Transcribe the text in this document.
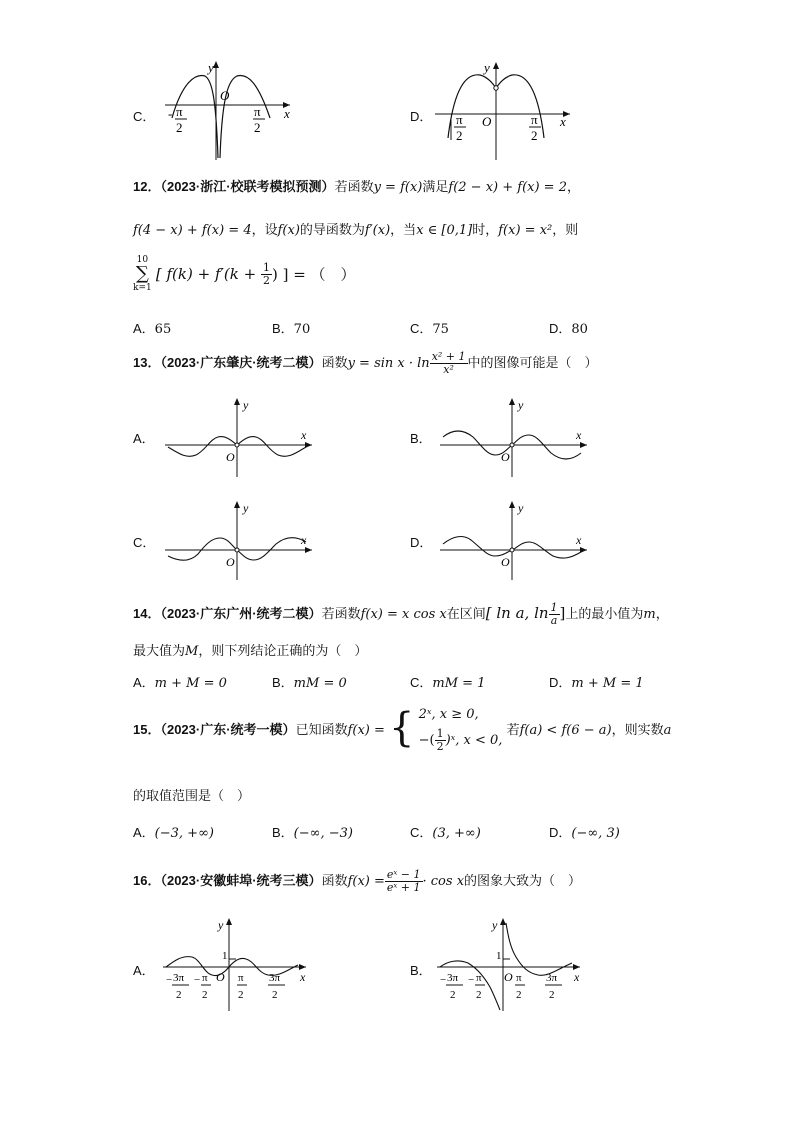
C．
y
x
O
- π
2
π
2
D．
y
x
O
π
2
π
2
12．（2023·浙江·校联考模拟预测）若函数y = f(x)满足f(2 − x) + f(x) = 2，
f(4 − x) + f(x) = 4，设f(x)的导函数为f′(x)，当x ∈ [0,1]时，f(x) = x²，则
10
∑
k=1
[ $f(k) + f'(k + \frac{1}{2}$ ) ] = （　）
A．65	B．70	C．75	D．80
13．（2023·广东肇庆·统考二模）函数$y = \sin x \cdot \ln \frac{\text{x² + 1}}{\text{x²}}$ 中的图像可能是（　）
A．
y
x
O
B．
y
x
O
C．
y
x
O
D．
y
x
O
14．（2023·广东广州·统考二模）若函数f(x) = x cos x在区间[ ln a, $\ln \frac{1}{a}$ ]上的最小值为m，
最大值为M，则下列结论正确的为（　）
A．m + M = 0	B．mM = 0	C．mM = 1	D．m + M = 1
15．（2023·广东·统考一模）已知函数f(x) = { 2ˣ, x ≥ 0,
−( $\frac{1}{2}$ )ˣ, x < 0,
若f(a) < f(6 − a)，则实数a
的取值范围是（　）
A．(−3, +∞)	B．(−∞, −3)	C．(3, +∞)	D．(−∞, 3)
16．（2023·安徽蚌埠·统考三模）函数$f(x) = \frac{\text{eˣ − 1}}{\text{eˣ + 1}} \cdot \cos x$的图象大致为（　）
A．
y
x
1
O
− 3π
2
− π
2
π
2
3π
2
B．
y
x
1
O
− 3π
2
− π
2
π
2
3π
2
